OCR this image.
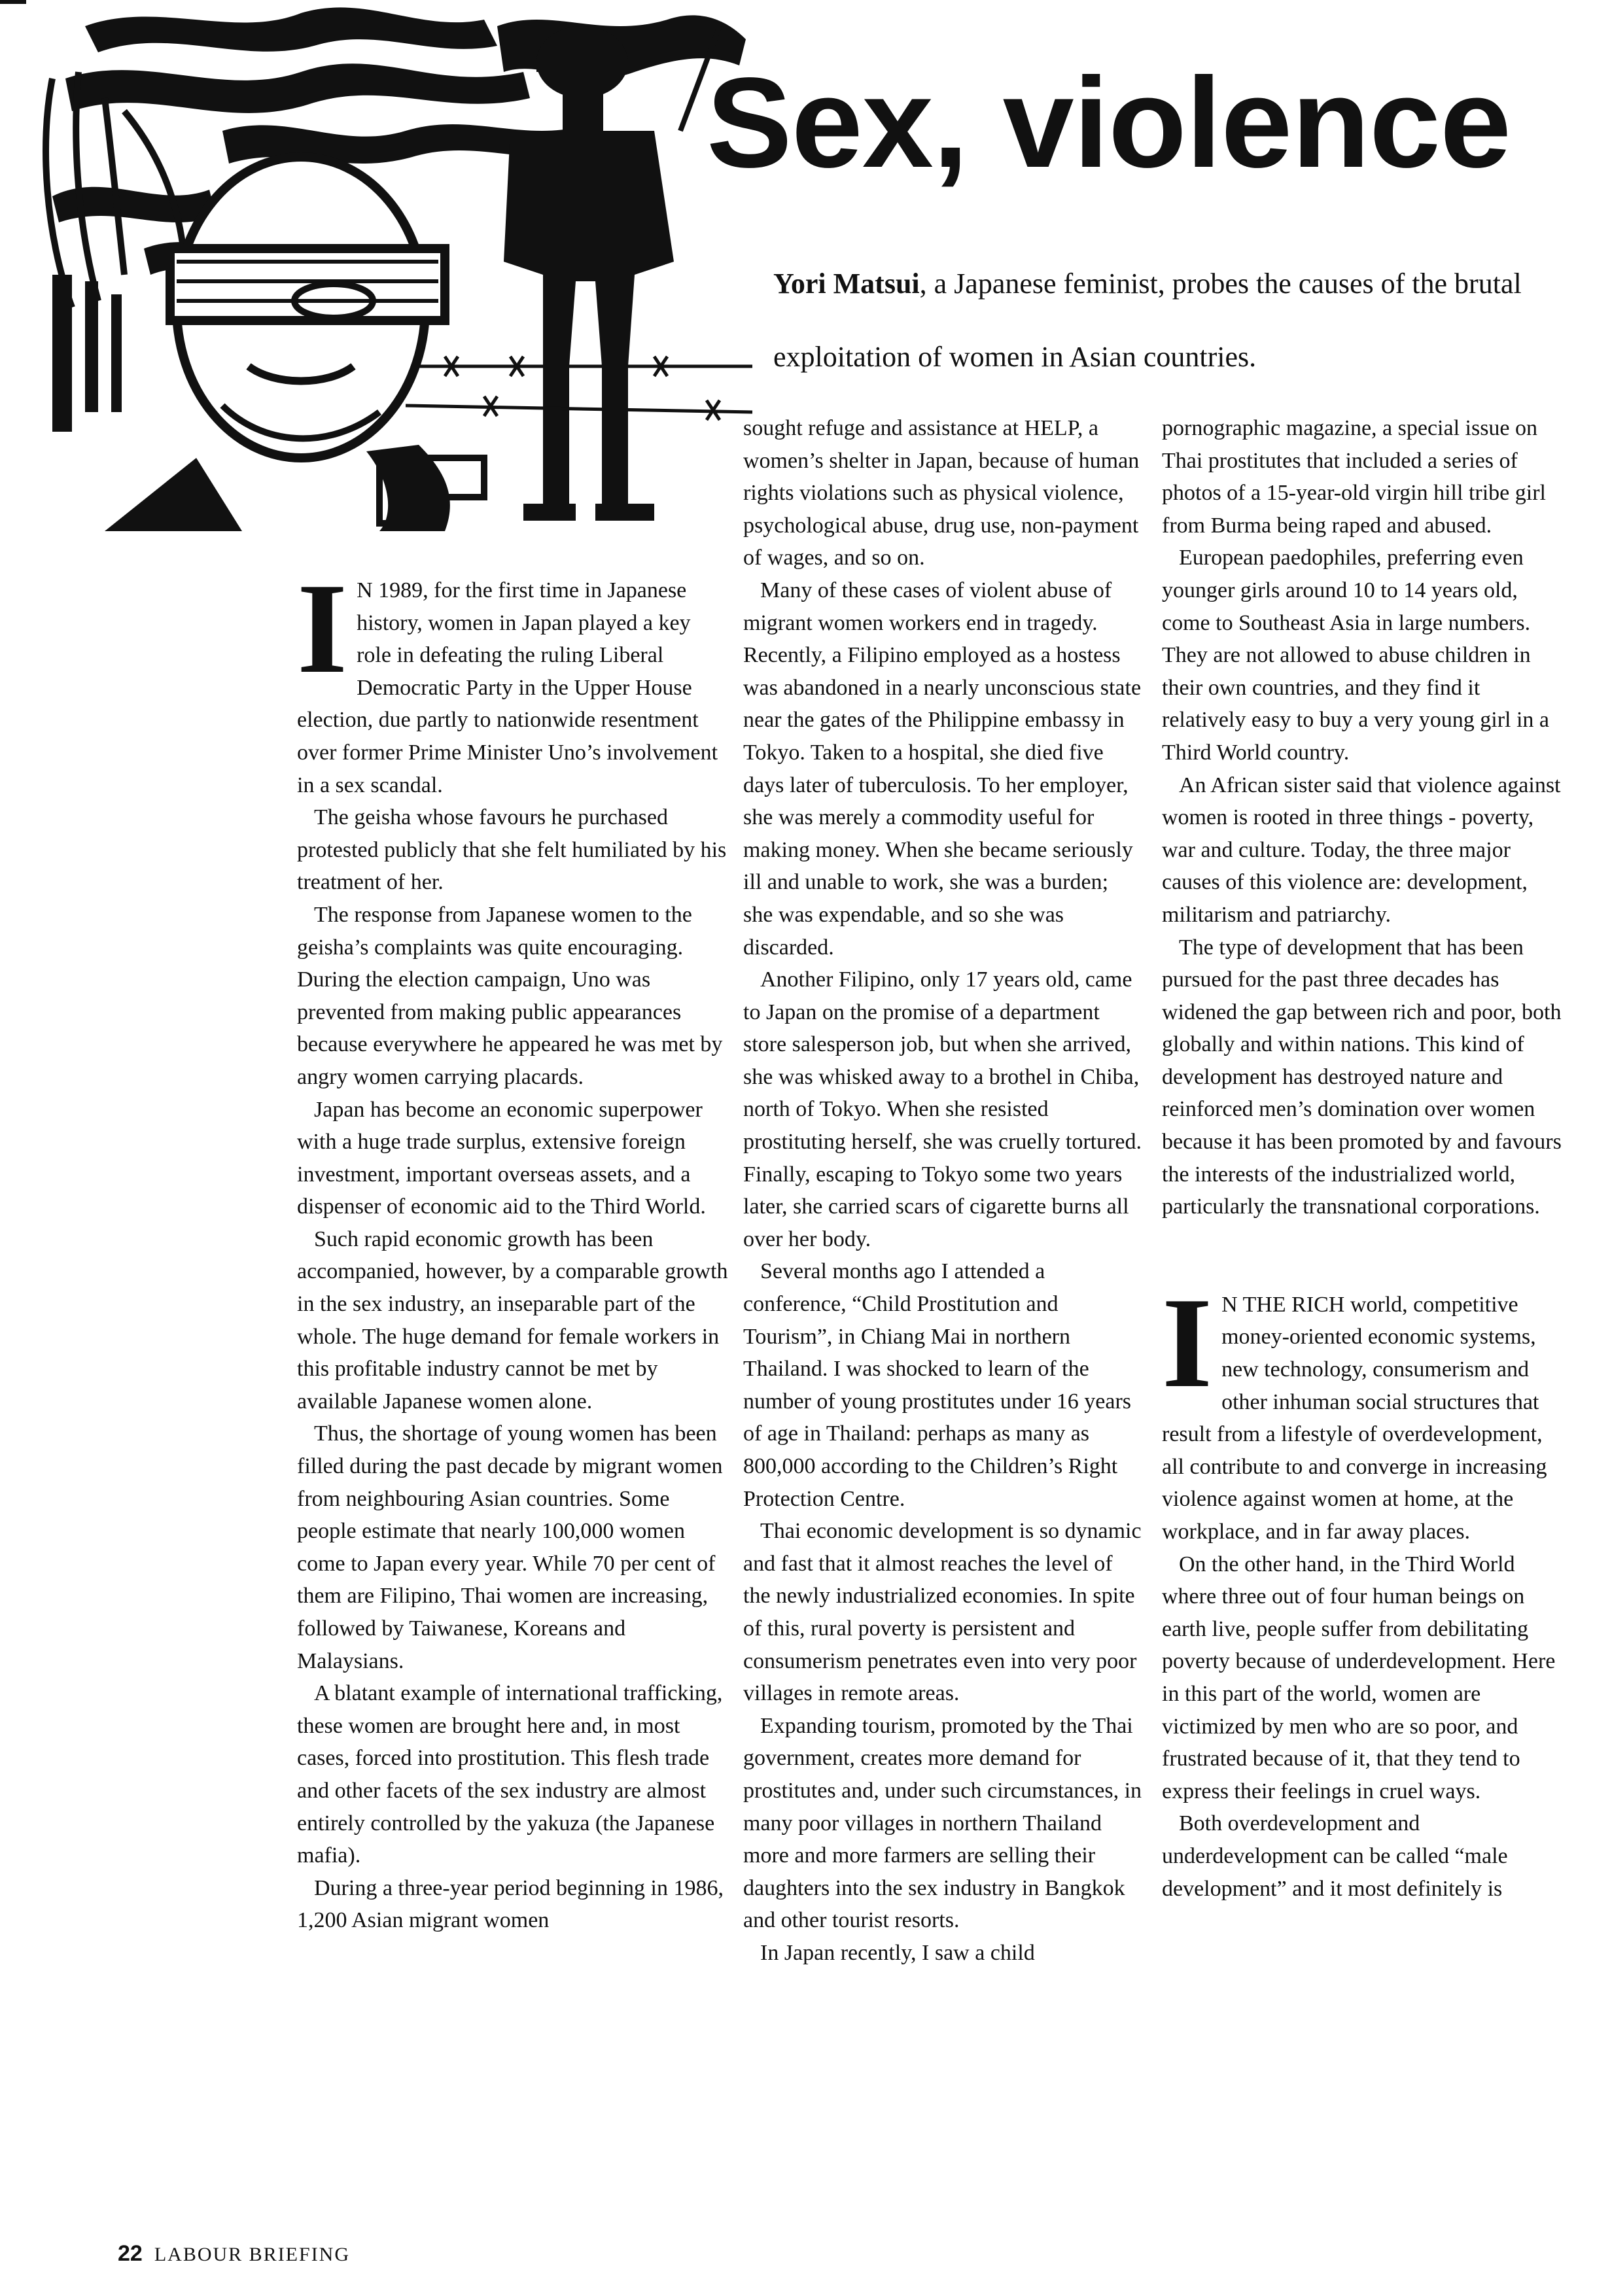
Sex, violence
Yori Matsui, a Japanese feminist, probes the causes of the brutal exploitation of women in Asian countries.

I N 1989, for the first time in Japanese history, women in Japan played a key role in defeating the ruling Liberal Democratic Party in the Upper House election, due partly to nationwide resentment over former Prime Minister Uno’s involvement in a sex scandal.

The geisha whose favours he purchased protested publicly that she felt humiliated by his treatment of her.

The response from Japanese women to the geisha’s complaints was quite encouraging. During the election campaign, Uno was prevented from making public appearances because everywhere he appeared he was met by angry women carrying placards.

Japan has become an economic superpower with a huge trade surplus, extensive foreign investment, important overseas assets, and a dispenser of economic aid to the Third World.

Such rapid economic growth has been accompanied, however, by a comparable growth in the sex industry, an inseparable part of the whole. The huge demand for female workers in this profitable industry cannot be met by available Japanese women alone.

Thus, the shortage of young women has been filled during the past decade by migrant women from neighbouring Asian countries. Some people estimate that nearly 100,000 women come to Japan every year. While 70 per cent of them are Filipino, Thai women are increasing, followed by Taiwanese, Koreans and Malaysians.

A blatant example of international trafficking, these women are brought here and, in most cases, forced into prostitution. This flesh trade and other facets of the sex industry are almost entirely controlled by the yakuza (the Japanese mafia).

During a three-year period beginning in 1986, 1,200 Asian migrant women

sought refuge and assistance at HELP, a women’s shelter in Japan, because of human rights violations such as physical violence, psychological abuse, drug use, non-payment of wages, and so on.

Many of these cases of violent abuse of migrant women workers end in tragedy. Recently, a Filipino employed as a hostess was abandoned in a nearly unconscious state near the gates of the Philippine embassy in Tokyo. Taken to a hospital, she died five days later of tuberculosis. To her employer, she was merely a commodity useful for making money. When she became seriously ill and unable to work, she was a burden; she was expendable, and so she was discarded.

Another Filipino, only 17 years old, came to Japan on the promise of a department store salesperson job, but when she arrived, she was whisked away to a brothel in Chiba, north of Tokyo. When she resisted prostituting herself, she was cruelly tortured. Finally, escaping to Tokyo some two years later, she carried scars of cigarette burns all over her body.

Several months ago I attended a conference, “Child Prostitution and Tourism”, in Chiang Mai in northern Thailand. I was shocked to learn of the number of young prostitutes under 16 years of age in Thailand: perhaps as many as 800,000 according to the Children’s Right Protection Centre.

Thai economic development is so dynamic and fast that it almost reaches the level of the newly industrialized economies. In spite of this, rural poverty is persistent and consumerism penetrates even into very poor villages in remote areas.

Expanding tourism, promoted by the Thai government, creates more demand for prostitutes and, under such circumstances, in many poor villages in northern Thailand more and more farmers are selling their daughters into the sex industry in Bangkok and other tourist resorts.

In Japan recently, I saw a child

pornographic magazine, a special issue on Thai prostitutes that included a series of photos of a 15-year-old virgin hill tribe girl from Burma being raped and abused.

European paedophiles, preferring even younger girls around 10 to 14 years old, come to Southeast Asia in large numbers. They are not allowed to abuse children in their own countries, and they find it relatively easy to buy a very young girl in a Third World country.

An African sister said that violence against women is rooted in three things - poverty, war and culture. Today, the three major causes of this violence are: development, militarism and patriarchy.

The type of development that has been pursued for the past three decades has widened the gap between rich and poor, both globally and within nations. This kind of development has destroyed nature and reinforced men’s domination over women because it has been promoted by and favours the interests of the industrialized world, particularly the transnational corporations.

I N THE RICH world, competitive money-oriented economic systems, new technology, consumerism and other inhuman social structures that result from a lifestyle of overdevelopment, all contribute to and converge in increasing violence against women at home, at the workplace, and in far away places.

On the other hand, in the Third World where three out of four human beings on earth live, people suffer from debilitating poverty because of underdevelopment. Here in this part of the world, women are victimized by men who are so poor, and frustrated because of it, that they tend to express their feelings in cruel ways.

Both overdevelopment and underdevelopment can be called “male development” and it most definitely is

22 LABOUR BRIEFING
